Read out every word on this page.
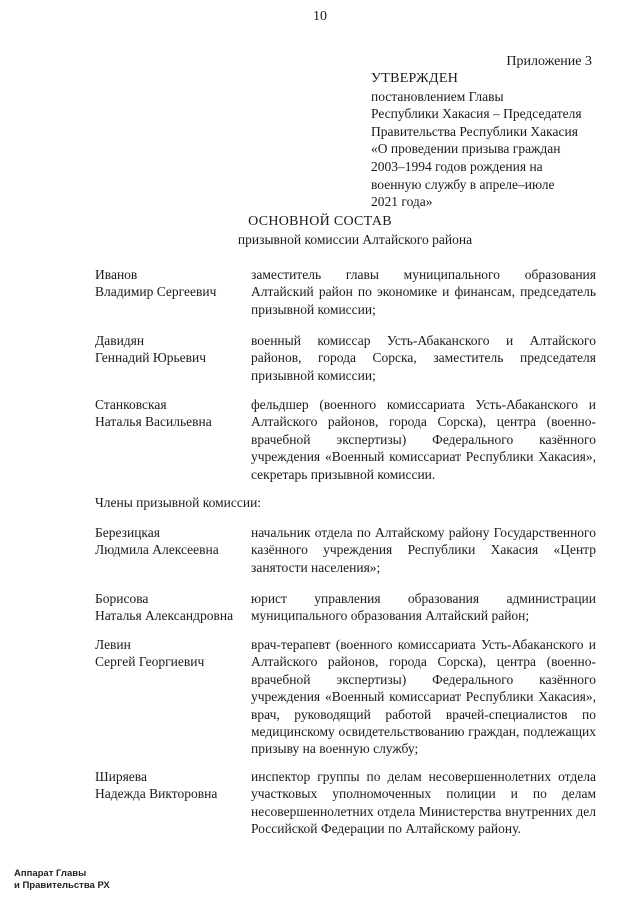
10
Приложение 3
УТВЕРЖДЕН
постановлением Главы
Республики Хакасия – Председателя
Правительства Республики Хакасия
«О проведении призыва граждан
2003–1994 годов рождения на
военную службу в апреле–июле
2021 года»
ОСНОВНОЙ СОСТАВ
призывной комиссии Алтайского района
Иванов
Владимир Сергеевич
заместитель главы муниципального образования Алтайский район по экономике и финансам, председатель призывной комиссии;
Давидян
Геннадий Юрьевич
военный комиссар Усть-Абаканского и Алтайского районов, города Сорска, заместитель председателя призывной комиссии;
Станковская
Наталья Васильевна
фельдшер (военного комиссариата Усть-Абаканского и Алтайского районов, города Сорска), центра (военно-врачебной экспертизы) Федерального казённого учреждения «Военный комиссариат Республики Хакасия», секретарь призывной комиссии.
Члены призывной комиссии:
Березицкая
Людмила Алексеевна
начальник отдела по Алтайскому району Государственного казённого учреждения Республики Хакасия «Центр занятости населения»;
Борисова
Наталья Александровна
юрист управления образования администрации муниципального образования Алтайский район;
Левин
Сергей Георгиевич
врач-терапевт (военного комиссариата Усть-Абаканского и Алтайского районов, города Сорска), центра (военно-врачебной экспертизы) Федерального казённого учреждения «Военный комиссариат Республики Хакасия», врач, руководящий работой врачей-специалистов по медицинскому освидетельствованию граждан, подлежащих призыву на военную службу;
Ширяева
Надежда Викторовна
инспектор группы по делам несовершеннолетних отдела участковых уполномоченных полиции и по делам несовершеннолетних отдела Министерства внутренних дел Российской Федерации по Алтайскому району.
Аппарат Главы
и Правительства РХ
